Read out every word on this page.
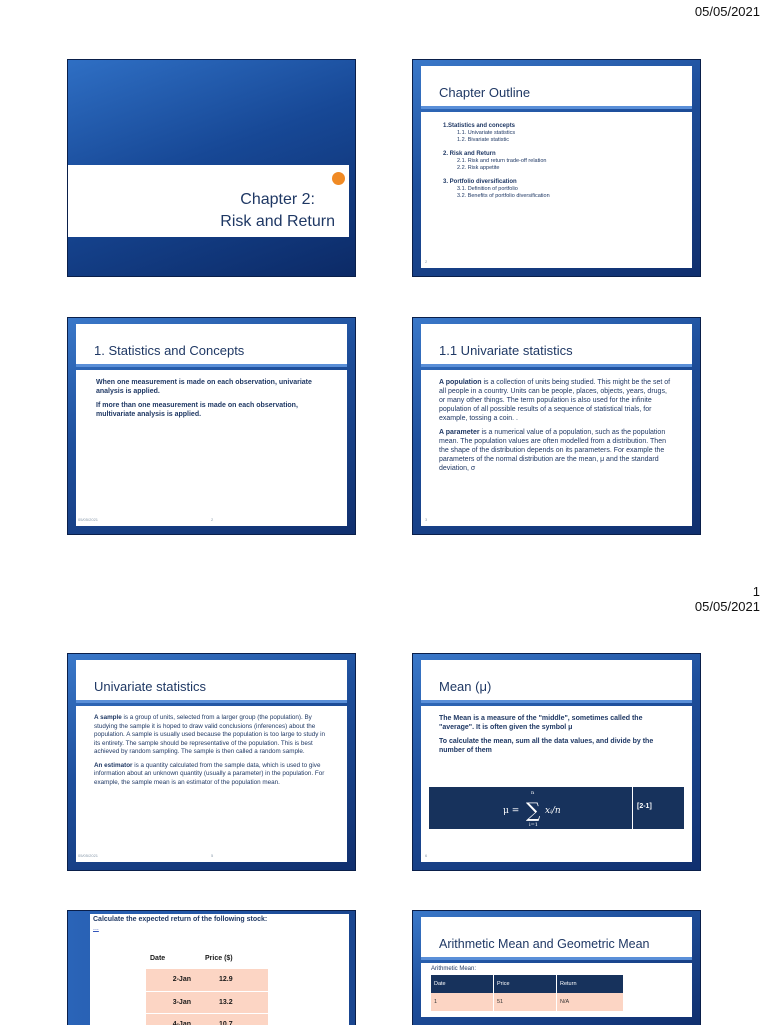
05/05/2021
1
05/05/2021
Chapter 2:
Risk and Return
Chapter Outline
1.Statistics and concepts
1.1. Univariate statistics
1.2. Bivariate statistic
2. Risk and Return
2.1. Risk and return trade-off relation
2.2. Risk appetite
3. Portfolio diversification
3.1. Definition of portfolio
3.2. Benefits of portfolio diversification
2
1. Statistics and Concepts

When one measurement is made on each observation, univariate analysis is applied.

If more than one measurement is made on each observation, multivariate analysis is applied.

05/05/2021	2
1.1 Univariate statistics

A population is a collection of units being studied. This might be the set of all people in a country. Units can be people, places, objects, years, drugs, or many other things. The term population is also used for the infinite population of all possible results of a sequence of statistical trials, for example, tossing a coin. .

A parameter is a numerical value of a population, such as the population mean. The population values are often modelled from a distribution. Then the shape of the distribution depends on its parameters. For example the parameters of the normal distribution are the mean, μ and the standard deviation, σ

3
Univariate statistics

A sample is a group of units, selected from a larger group (the population). By studying the sample it is hoped to draw valid conclusions (inferences) about the population. A sample is usually used because the population is too large to study in its entirety. The sample should be representative of the population. This is best achieved by random sampling. The sample is then called a random sample.

An estimator is a quantity calculated from the sample data, which is used to give information about an unknown quantity (usually a parameter) in the population. For example, the sample mean is an estimator of the population mean.

05/05/2021	5
Mean (μ)

The Mean is a measure of the "middle", sometimes called the "average". It is often given the symbol μ

To calculate the mean, sum all the data values, and divide by the number of them

μ = ∑
n
i=1
xᵢ/n	[2-1]
6
Calculate the expected return of the following stock:
...
Date	Price ($)
2-Jan	12.9
3-Jan	13.2
4-Jan	10.7
Arithmetic Mean and Geometric Mean
Arithmetic Mean:
Date	Price	Return
1	51	N/A
